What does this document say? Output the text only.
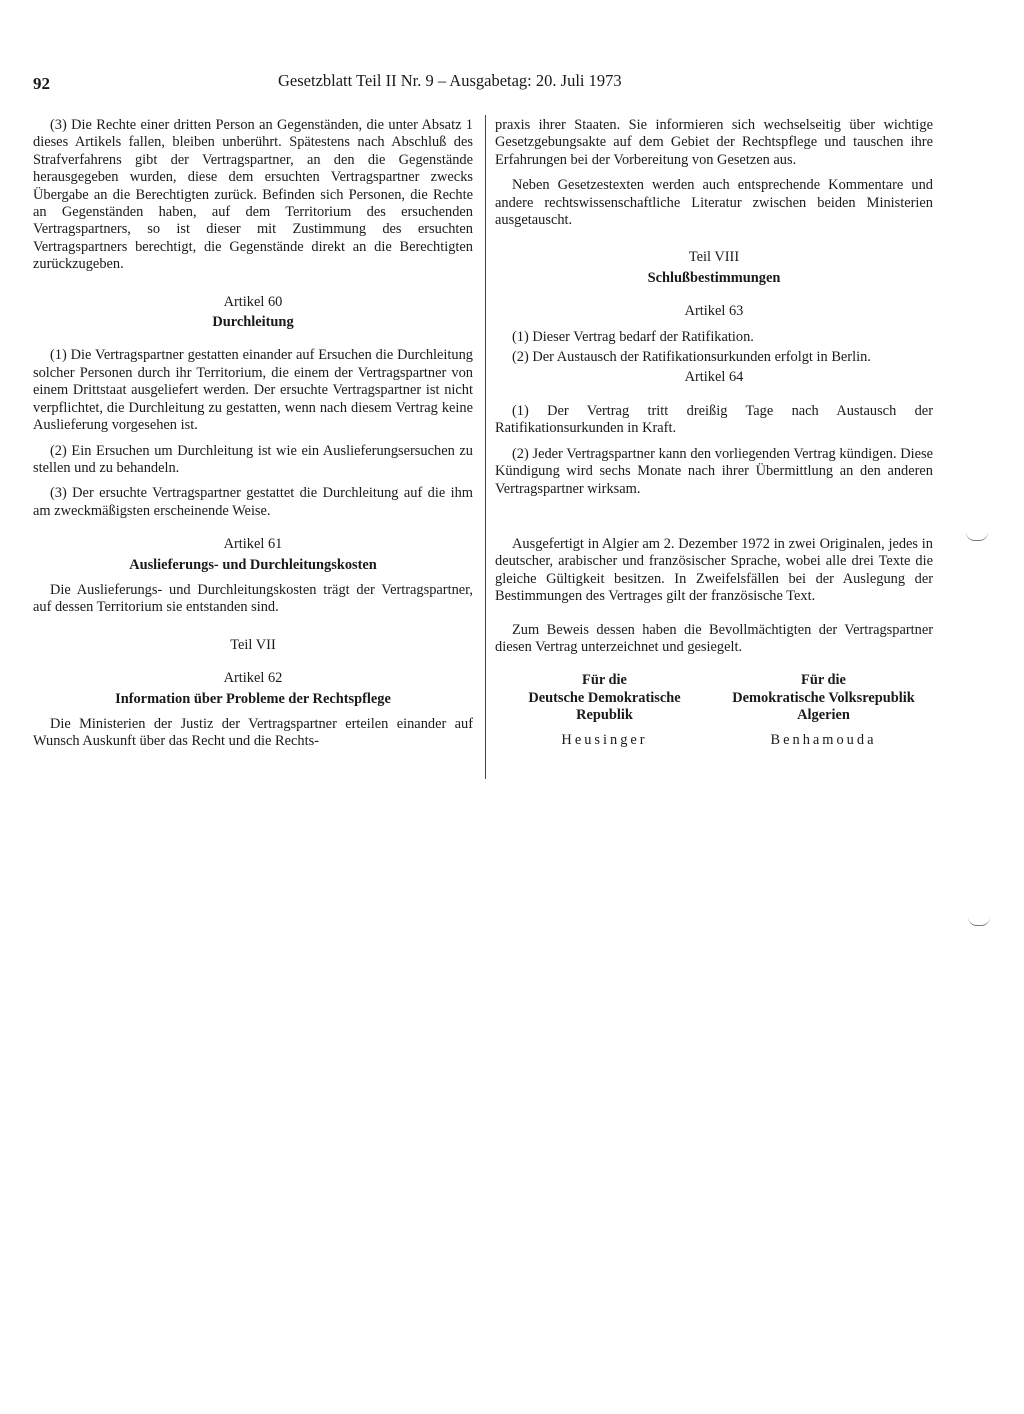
92	Gesetzblatt Teil II Nr. 9 – Ausgabetag: 20. Juli 1973

(3) Die Rechte einer dritten Person an Gegenständen, die unter Absatz 1 dieses Artikels fallen, bleiben unberührt. Spätestens nach Abschluß des Strafverfahrens gibt der Vertragspartner, an den die Gegenstände herausgegeben wurden, diese dem ersuchten Vertragspartner zwecks Übergabe an die Berechtigten zurück. Befinden sich Personen, die Rechte an Gegenständen haben, auf dem Territorium des ersuchenden Vertragspartners, so ist dieser mit Zustimmung des ersuchten Vertragspartners berechtigt, die Gegenstände direkt an die Berechtigten zurückzugeben.

Artikel 60

Durchleitung

(1) Die Vertragspartner gestatten einander auf Ersuchen die Durchleitung solcher Personen durch ihr Territorium, die einem der Vertragspartner von einem Drittstaat ausgeliefert werden. Der ersuchte Vertragspartner ist nicht verpflichtet, die Durchleitung zu gestatten, wenn nach diesem Vertrag keine Auslieferung vorgesehen ist.

(2) Ein Ersuchen um Durchleitung ist wie ein Auslieferungsersuchen zu stellen und zu behandeln.

(3) Der ersuchte Vertragspartner gestattet die Durchleitung auf die ihm am zweckmäßigsten erscheinende Weise.

Artikel 61

Auslieferungs- und Durchleitungskosten

Die Auslieferungs- und Durchleitungskosten trägt der Vertragspartner, auf dessen Territorium sie entstanden sind.

Teil VII

Artikel 62

Information über Probleme der Rechtspflege

Die Ministerien der Justiz der Vertragspartner erteilen einander auf Wunsch Auskunft über das Recht und die Rechts-

praxis ihrer Staaten. Sie informieren sich wechselseitig über wichtige Gesetzgebungsakte auf dem Gebiet der Rechtspflege und tauschen ihre Erfahrungen bei der Vorbereitung von Gesetzen aus.

Neben Gesetzestexten werden auch entsprechende Kommentare und andere rechtswissenschaftliche Literatur zwischen beiden Ministerien ausgetauscht.

Teil VIII

Schlußbestimmungen

Artikel 63

(1) Dieser Vertrag bedarf der Ratifikation.

(2) Der Austausch der Ratifikationsurkunden erfolgt in Berlin.

Artikel 64

(1) Der Vertrag tritt dreißig Tage nach Austausch der Ratifikationsurkunden in Kraft.

(2) Jeder Vertragspartner kann den vorliegenden Vertrag kündigen. Diese Kündigung wird sechs Monate nach ihrer Übermittlung an den anderen Vertragspartner wirksam.

Ausgefertigt in Algier am 2. Dezember 1972 in zwei Originalen, jedes in deutscher, arabischer und französischer Sprache, wobei alle drei Texte die gleiche Gültigkeit besitzen. In Zweifelsfällen bei der Auslegung der Bestimmungen des Vertrages gilt der französische Text.

Zum Beweis dessen haben die Bevollmächtigten der Vertragspartner diesen Vertrag unterzeichnet und gesiegelt.

Für die
Deutsche Demokratische
Republik
Heusinger
Für die
Demokratische Volksrepublik
Algerien
Benhamouda
